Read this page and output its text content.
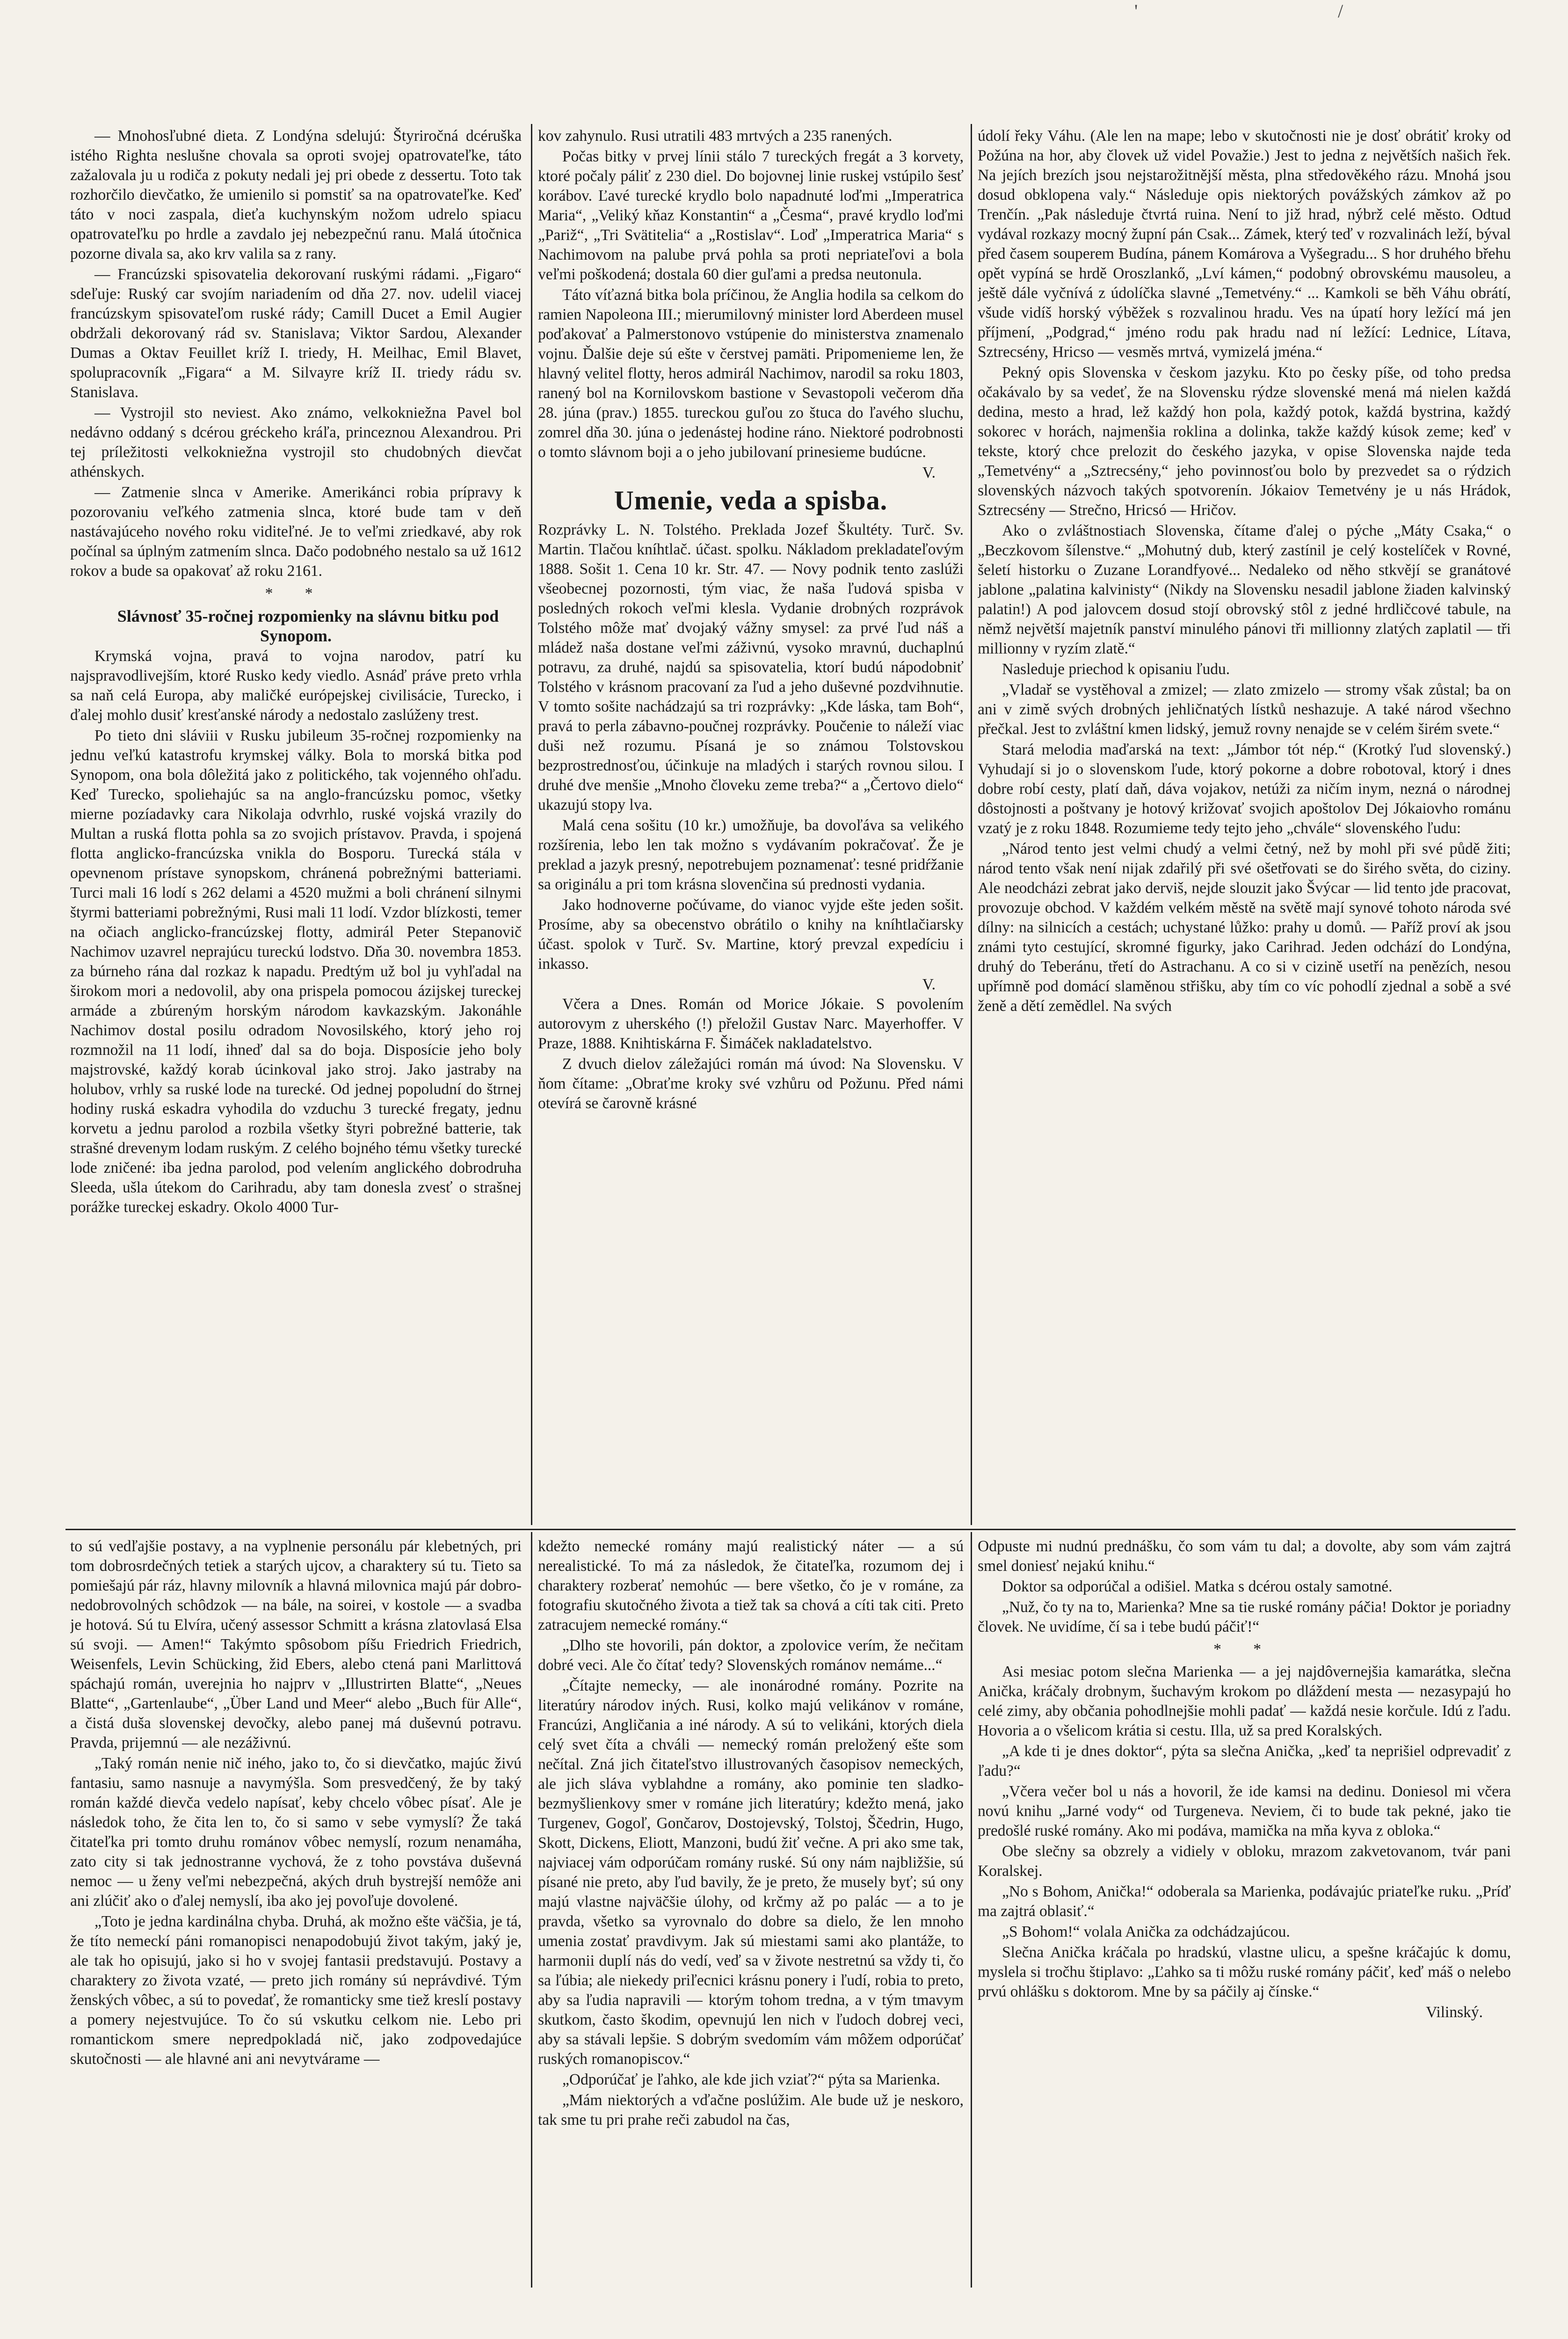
'	/

— Mnohosľubné dieta. Z Londýna sdelujú: Štyriročná dcéruška istého Righta neslušne chovala sa oproti svojej opatrovateľke, táto zažalovala ju u rodiča z pokuty nedali jej pri obede z dessertu. Toto tak rozhorčilo dievčatko, že umienilo si pomstiť sa na opatrovateľke. Keď táto v noci zaspala, dieťa kuchynským nožom udrelo spiacu opatrovateľku po hrdle a zavdalo jej nebezpečnú ranu. Malá útočnica pozorne divala sa, ako krv valila sa z rany.

— Francúzski spisovatelia dekorovaní ruskými rádami. „Figaro“ sdeľuje: Ruský car svojím nariadením od dňa 27. nov. udelil viacej francúzskym spisovateľom ruské rády; Camill Ducet a Emil Augier obdržali dekorovaný rád sv. Stanislava; Viktor Sardou, Alexander Dumas a Oktav Feuillet kríž I. triedy, H. Meilhac, Emil Blavet, spolupracovník „Figara“ a M. Silvayre kríž II. triedy rádu sv. Stanislava.

— Vystrojil sto neviest. Ako známo, velkokniežna Pavel bol nedávno oddaný s dcérou gréckeho kráľa, princeznou Alexandrou. Pri tej príležitosti velkokniežna vystrojil sto chudobných dievčat athénskych.

— Zatmenie slnca v Amerike. Amerikánci robia prípravy k pozorovaniu veľkého zatmenia slnca, ktoré bude tam v deň nastávajúceho nového roku viditeľné. Je to veľmi zriedkavé, aby rok počínal sa úplným zatmením slnca. Dačo podobného nestalo sa už 1612 rokov a bude sa opakovať až roku 2161.

* *

Slávnosť 35-ročnej rozpomienky na slávnu bitku pod Synopom.

Krymská vojna, pravá to vojna narodov, patrí ku najspravodlivejším, ktoré Rusko kedy viedlo. Asnáď práve preto vrhla sa naň celá Europa, aby maličké európejskej civilisácie, Turecko, i ďalej mohlo dusiť kresťanské národy a nedostalo zaslúženy trest.

Po tieto dni sláviii v Rusku jubileum 35-ročnej rozpomienky na jednu veľkú katastrofu krymskej války. Bola to morská bitka pod Synopom, ona bola dôležitá jako z politického, tak vojenného ohľadu. Keď Turecko, spoliehajúc sa na anglo-francúzsku pomoc, všetky mierne pozíadavky cara Nikolaja odvrhlo, ruské vojská vrazily do Multan a ruská flotta pohla sa zo svojich prístavov. Pravda, i spojená flotta anglicko-francúzska vnikla do Bosporu. Turecká stála v opevnenom prístave synopskom, chránená pobrežnými batteriami. Turci mali 16 lodí s 262 delami a 4520 mužmi a boli chránení silnymi štyrmi batteriami pobrežnými, Rusi mali 11 lodí. Vzdor blízkosti, temer na očiach anglicko-francúzskej flotty, admirál Peter Stepanovič Nachimov uzavrel neprajúcu tureckú lodstvo. Dňa 30. novembra 1853. za búrneho rána dal rozkaz k napadu. Predtým už bol ju vyhľadal na širokom mori a nedovolil, aby ona prispela pomocou ázijskej tureckej armáde a zbúreným horským národom kavkazským. Jakonáhle Nachimov dostal posilu odradom Novosilského, ktorý jeho roj rozmnožil na 11 lodí, ihneď dal sa do boja. Disposície jeho boly majstrovské, každý korab úcinkoval jako stroj. Jako jastraby na holubov, vrhly sa ruské lode na turecké. Od jednej popoludní do štrnej hodiny ruská eskadra vyhodila do vzduchu 3 turecké fregaty, jednu korvetu a jednu parolod a rozbila všetky štyri pobrežné batterie, tak strašné drevenym lodam ruským. Z celého bojného tému všetky turecké lode zničené: iba jedna parolod, pod velením anglického dobrodruha Sleeda, ušla útekom do Carihradu, aby tam donesla zvesť o strašnej porážke tureckej eskadry. Okolo 4000 Tur-

kov zahynulo. Rusi utratili 483 mrtvých a 235 ranených.

Počas bitky v prvej línii stálo 7 tureckých fregát a 3 korvety, ktoré počaly páliť z 230 diel. Do bojovnej linie ruskej vstúpilo šesť korábov. Ľavé turecké krydlo bolo napadnuté loďmi „Imperatrica Maria“, „Veliký kňaz Konstantin“ a „Česma“, pravé krydlo loďmi „Pariž“, „Tri Svätitelia“ a „Rostislav“. Loď „Imperatrica Maria“ s Nachimovom na palube prvá pohla sa proti nepriateľovi a bola veľmi poškodená; dostala 60 dier guľami a predsa neutonula.

Táto víťazná bitka bola príčinou, že Anglia hodila sa celkom do ramien Napoleona III.; mierumilovný minister lord Aberdeen musel poďakovať a Palmerstonovo vstúpenie do ministerstva znamenalo vojnu. Ďalšie deje sú ešte v čerstvej pamäti. Pripomenieme len, že hlavný velitel flotty, heros admirál Nachimov, narodil sa roku 1803, ranený bol na Kornilovskom bastione v Sevastopoli večerom dňa 28. júna (prav.) 1855. tureckou guľou zo štuca do ľavého sluchu, zomrel dňa 30. júna o jedenástej hodine ráno. Niektoré podrobnosti o tomto slávnom boji a o jeho jubilovaní prinesieme budúcne.

V.
Umenie, veda a spisba.

Rozprávky L. N. Tolstého. Preklada Jozef Škultéty. Turč. Sv. Martin. Tlačou kníhtlač. účast. spolku. Nákladom prekladateľovým 1888. Sošit 1. Cena 10 kr. Str. 47. — Novy podnik tento zaslúži všeobecnej pozornosti, tým viac, že naša ľudová spisba v posledných rokoch veľmi klesla. Vydanie drobných rozprávok Tolstého môže mať dvojaký vážny smysel: za prvé ľud náš a mládež naša dostane veľmi záživnú, vysoko mravnú, duchaplnú potravu, za druhé, najdú sa spisovatelia, ktorí budú nápodobniť Tolstého v krásnom pracovaní za ľud a jeho duševné pozdvihnutie. V tomto sošite nachádzajú sa tri rozprávky: „Kde láska, tam Boh“, pravá to perla zábavno-poučnej rozprávky. Poučenie to náleží viac duši než rozumu. Písaná je so známou Tolstovskou bezprostrednosťou, účinkuje na mladých i starých rovnou silou. I druhé dve menšie „Mnoho človeku zeme treba?“ a „Čertovo dielo“ ukazujú stopy lva.

Malá cena sošitu (10 kr.) umožňuje, ba dovoľáva sa velikého rozšírenia, lebo len tak možno s vydávaním pokračovať. Že je preklad a jazyk presný, nepotrebujem poznamenať: tesné pridŕžanie sa originálu a pri tom krásna slovenčina sú prednosti vydania.

Jako hodnoverne počúvame, do vianoc vyjde ešte jeden sošit. Prosíme, aby sa obecenstvo obrátilo o knihy na kníhtlačiarsky účast. spolok v Turč. Sv. Martine, ktorý prevzal expedíciu i inkasso.

V.

Včera a Dnes. Román od Morice Jókaie. S povolením autorovym z uherského (!) přeložil Gustav Narc. Mayerhoffer. V Praze, 1888. Knihtiskárna F. Šimáček nakladatelstvo.

Z dvuch dielov záležajúci román má úvod: Na Slovensku. V ňom čítame: „Obraťme kroky své vzhůru od Požunu. Před námi otevírá se čarovně krásné

údolí řeky Váhu. (Ale len na mape; lebo v skutočnosti nie je dosť obrátiť kroky od Požúna na hor, aby človek už videl Považie.) Jest to jedna z největších našich řek. Na jejích brezích jsou nejstarožitnější města, plna středověkého rázu. Mnohá jsou dosud obklopena valy.“ Následuje opis niektorých povážských zámkov až po Trenčín. „Pak následuje čtvrtá ruina. Není to již hrad, nýbrž celé město. Odtud vydával rozkazy mocný župní pán Csak... Zámek, který teď v rozvalinách leží, býval před časem souperem Budína, pánem Komárova a Vyšegradu... S hor druhého břehu opět vypíná se hrdě Oroszlankő, „Lví kámen,“ podobný obrovskému mausoleu, a ještě dále vyčnívá z údolíčka slavné „Temetvény.“ ... Kamkoli se běh Váhu obrátí, všude vidíš horský výběžek s rozvalinou hradu. Ves na úpatí hory ležící má jen příjmení, „Podgrad,“ jméno rodu pak hradu nad ní ležící: Lednice, Lítava, Sztrecsény, Hricso — vesměs mrtvá, vymizelá jména.“

Pekný opis Slovenska v českom jazyku. Kto po česky píše, od toho predsa očakávalo by sa vedeť, že na Slovensku rýdze slovenské mená má nielen každá dedina, mesto a hrad, lež každý hon pola, každý potok, každá bystrina, každý sokorec v horách, najmenšia roklina a dolinka, takže každý kúsok zeme; keď v tekste, ktorý chce prelozit do českého jazyka, v opise Slovenska najde teda „Temetvény“ a „Sztrecsény,“ jeho povinnosťou bolo by prezvedet sa o rýdzich slovenských názvoch takých spotvorenín. Jókaiov Temetvény je u nás Hrádok, Sztrecsény — Strečno, Hricsó — Hričov.

Ako o zvláštnostiach Slovenska, čítame ďalej o pýche „Máty Csaka,“ o „Beczkovom šílenstve.“ „Mohutný dub, který zastínil je celý kostelíček v Rovné, šeletí historku o Zuzane Lorandfyové... Nedaleko od něho stkvějí se granátové jablone „palatina kalvinisty“ (Nikdy na Slovensku nesadil jablone žiaden kalvinský palatin!) A pod jalovcem dosud stojí obrovský stôl z jedné hrdličcové tabule, na němž největší majetník panství minulého pánovi tři millionny zlatých zaplatil — tři millionny v ryzím zlatě.“

Nasleduje priechod k opisaniu ľudu.

„Vladař se vystěhoval a zmizel; — zlato zmizelo — stromy však zůstal; ba on ani v zimě svých drobných jehličnatých lístků neshazuje. A také národ všechno přečkal. Jest to zvláštní kmen lidský, jemuž rovny nenajde se v celém širém svete.“

Stará melodia maďarská na text: „Jámbor tót nép.“ (Krotký ľud slovenský.) Vyhudají si jo o slovenskom ľude, ktorý pokorne a dobre robotoval, ktorý i dnes dobre robí cesty, platí daň, dáva vojakov, netúži za ničím inym, nezná o národnej dôstojnosti a poštvany je hotový križovať svojich apoštolov Dej Jókaiovho románu vzatý je z roku 1848. Rozumieme tedy tejto jeho „chvále“ slovenského ľudu:

„Národ tento jest velmi chudý a velmi četný, než by mohl při své půdě žiti; národ tento však není nijak zdařilý při své ošetřovati se do širého světa, do ciziny. Ale neodcházi zebrat jako derviš, nejde slouzit jako Švýcar — lid tento jde pracovat, provozuje obchod. V každém velkém městě na světě mají synové tohoto národa své dílny: na silnicích a cestách; uchystané lůžko: prahy u domů. — Paříž proví ak jsou známi tyto cestující, skromné figurky, jako Carihrad. Jeden odchází do Londýna, druhý do Teberánu, třetí do Astrachanu. A co si v cizině usetří na penězích, nesou upřímně pod domácí slaměnou střišku, aby tím co víc pohodlí zjednal a sobě a své ženě a dětí zemědlel. Na svých

to sú vedľajšie postavy, a na vyplnenie personálu pár klebetných, pri tom dobrosrdečných tetiek a starých ujcov, a charaktery sú tu. Tieto sa pomiešajú pár ráz, hlavny milovník a hlavná milovnica majú pár dobro-nedobrovolných schôdzok — na bále, na soirei, v kostole — a svadba je hotová. Sú tu Elvíra, učený assessor Schmitt a krásna zlatovlasá Elsa sú svoji. — Amen!“ Takýmto spôsobom píšu Friedrich Friedrich, Weisenfels, Levin Schücking, žid Ebers, alebo ctená pani Marlittová spáchajú román, uverejnia ho najprv v „Illustrirten Blatte“, „Neues Blatte“, „Gartenlaube“, „Über Land und Meer“ alebo „Buch für Alle“, a čistá duša slovenskej devočky, alebo panej má duševnú potravu. Pravda, prijemnú — ale nezáživnú.

„Taký román nenie nič iného, jako to, čo si dievčatko, majúc živú fantasiu, samo nasnuje a navymýšla. Som presvedčený, že by taký román každé dievča vedelo napísať, keby chcelo vôbec písať. Ale je následok toho, že čita len to, čo si samo v sebe vymyslí? Že taká čitateľka pri tomto druhu románov vôbec nemyslí, rozum nenamáha, zato city si tak jednostranne vychová, že z toho povstáva duševná nemoc — u ženy veľmi nebezpečná, akých druh bystrejší nemôže ani ani zlúčiť ako o ďalej nemyslí, iba ako jej povoľuje dovolené.

„Toto je jedna kardinálna chyba. Druhá, ak možno ešte väčšia, je tá, že títo nemeckí páni romanopisci nenapodobujú život takým, jaký je, ale tak ho opisujú, jako si ho v svojej fantasii predstavujú. Postavy a charaktery zo života vzaté, — preto jich romány sú neprávdivé. Tým ženských vôbec, a sú to povedať, že romanticky sme tiež kreslí postavy a pomery nejestvujúce. To čo sú vskutku celkom nie. Lebo pri romantickom smere nepredpokladá nič, jako zodpovedajúce skutočnosti — ale hlavné ani ani nevytvárame —

kdežto nemecké romány majú realistický náter — a sú nerealistické. To má za následok, že čitateľka, rozumom dej i charaktery rozberať nemohúc — bere všetko, čo je v románe, za fotografiu skutočného života a tiež tak sa chová a cíti tak citi. Preto zatracujem nemecké romány.“

„Dlho ste hovorili, pán doktor, a zpolovice verím, že nečitam dobré veci. Ale čo čítať tedy? Slovenských románov nemáme...“

„Čítajte nemecky, — ale inonárodné romány. Pozrite na literatúry národov iných. Rusi, kolko majú velikánov v románe, Francúzi, Angličania a iné národy. A sú to velikáni, ktorých diela celý svet číta a chváli — nemecký román preložený ešte som nečítal. Zná jich čitateľstvo illustrovaných časopisov nemeckých, ale jich sláva vyblahdne a romány, ako pominie ten sladko-bezmyšlienkovy smer v románe jich literatúry; kdežto mená, jako Turgenev, Gogoľ, Gončarov, Dostojevský, Tolstoj, Ščedrin, Hugo, Skott, Dickens, Eliott, Manzoni, budú žiť večne. A pri ako sme tak, najviacej vám odporúčam romány ruské. Sú ony nám najbližšie, sú písané nie preto, aby ľud bavily, že je preto, že musely byť; sú ony majú vlastne najväčšie úlohy, od krčmy až po palác — a to je pravda, všetko sa vyrovnalo do dobre sa dielo, že len mnoho umenia zostať pravdivym. Jak sú miestami sami ako plantáže, to harmonii duplí nás do vedí, veď sa v živote nestretnú sa vždy ti, čo sa ľúbia; ale niekedy priľecnici krásnu ponery i ľudí, robia to preto, aby sa ľudia napravili — ktorým tohom tredna, a v tým tmavym skutkom, často škodim, opevnujú len nich v ľudoch dobrej veci, aby sa stávali lepšie. S dobrým svedomím vám môžem odporúčať ruských romanopiscov.“

„Odporúčať je ľahko, ale kde jich vziať?“ pýta sa Marienka.

„Mám niektorých a vďačne poslúžim. Ale bude už je neskoro, tak sme tu pri prahe reči zabudol na čas,

Odpuste mi nudnú prednášku, čo som vám tu dal; a dovolte, aby som vám zajtrá smel doniesť nejakú knihu.“

Doktor sa odporúčal a odišiel. Matka s dcérou ostaly samotné.

„Nuž, čo ty na to, Marienka? Mne sa tie ruské romány páčia! Doktor je poriadny človek. Ne uvidíme, čí sa i tebe budú páčiť!“

* *

Asi mesiac potom slečna Marienka — a jej najdôvernejšia kamarátka, slečna Anička, kráčaly drobnym, šuchavým krokom po dláždení mesta — nezasypajú ho celé zimy, aby občania pohodlnejšie mohli padať — každá nesie korčule. Idú z ľadu. Hovoria a o všelicom krátia si cestu. Illa, už sa pred Koralských.

„A kde ti je dnes doktor“, pýta sa slečna Anička, „keď ta neprišiel odprevadiť z ľadu?“

„Včera večer bol u nás a hovoril, že ide kamsi na dedinu. Doniesol mi včera novú knihu „Jarné vody“ od Turgeneva. Neviem, či to bude tak pekné, jako tie predošlé ruské romány. Ako mi podáva, mamička na mňa kyva z obloka.“

Obe slečny sa obzrely a vidiely v obloku, mrazom zakvetovanom, tvár pani Koralskej.

„No s Bohom, Anička!“ odoberala sa Marienka, podávajúc priateľke ruku. „Príď ma zajtrá oblasiť.“

„S Bohom!“ volala Anička za odchádzajúcou.

Slečna Anička kráčala po hradskú, vlastne ulicu, a spešne kráčajúc k domu, myslela si tročhu štiplavo: „Ľahko sa ti môžu ruské romány páčiť, keď máš o nelebo prvú ohlášku s doktorom. Mne by sa páčily aj čínske.“

Vilinský.
